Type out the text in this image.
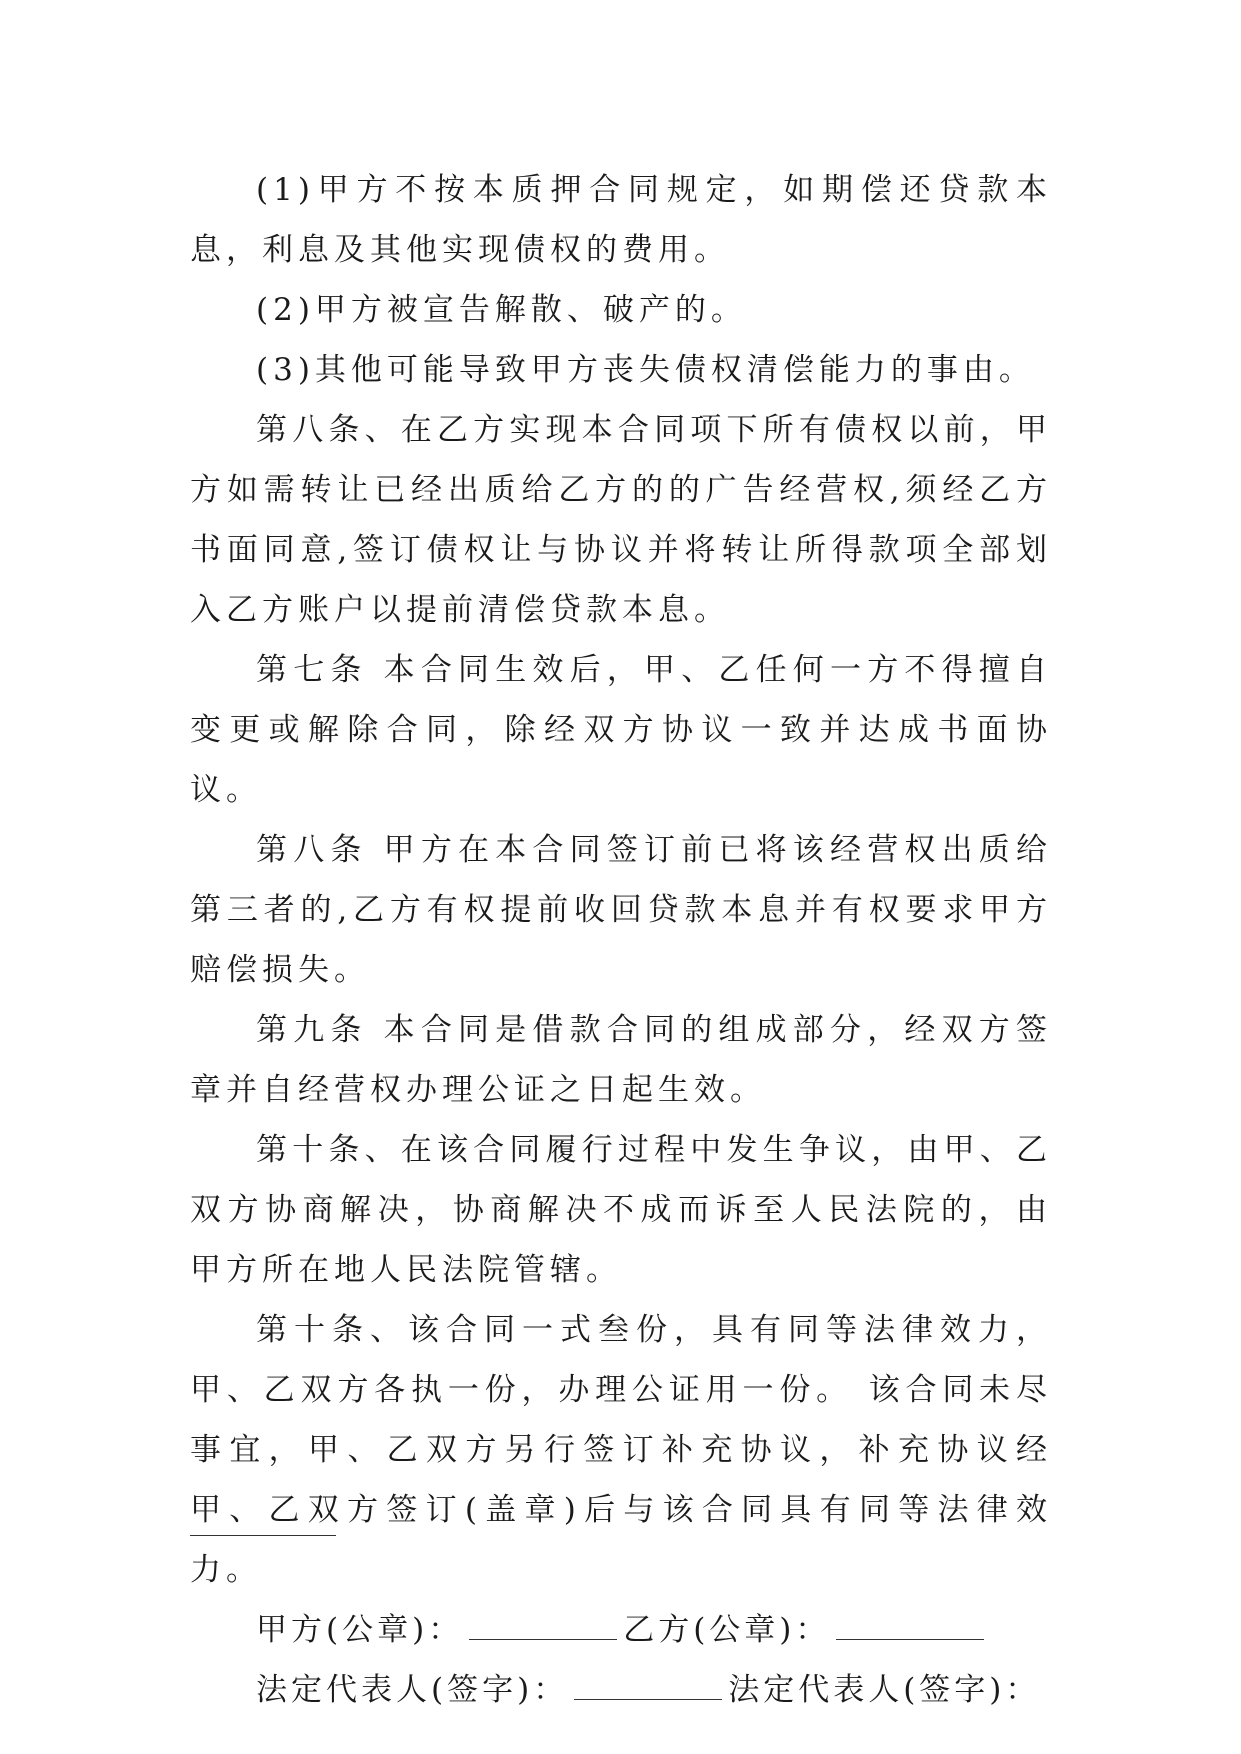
(1)甲方不按本质押合同规定，如期偿还贷款本息，利息及其他实现债权的费用。

(2)甲方被宣告解散、破产的。

(3)其他可能导致甲方丧失债权清偿能力的事由。

第八条、在乙方实现本合同项下所有债权以前，甲方如需转让已经出质给乙方的的广告经营权,须经乙方书面同意,签订债权让与协议并将转让所得款项全部划入乙方账户以提前清偿贷款本息。

第七条 本合同生效后，甲、乙任何一方不得擅自变更或解除合同，除经双方协议一致并达成书面协议。

第八条 甲方在本合同签订前已将该经营权出质给第三者的,乙方有权提前收回贷款本息并有权要求甲方赔偿损失。

第九条 本合同是借款合同的组成部分，经双方签章并自经营权办理公证之日起生效。

第十条、在该合同履行过程中发生争议，由甲、乙双方协商解决，协商解决不成而诉至人民法院的，由甲方所在地人民法院管辖。

第十条、该合同一式叁份，具有同等法律效力，甲、乙双方各执一份，办理公证用一份。 该合同未尽事宜，甲、乙双方另行签订补充协议，补充协议经甲、乙双方签订(盖章)后与该合同具有同等法律效力。

甲方(公章)：	乙方(公章)：

法定代表人(签字)：	法定代表人(签字)：
